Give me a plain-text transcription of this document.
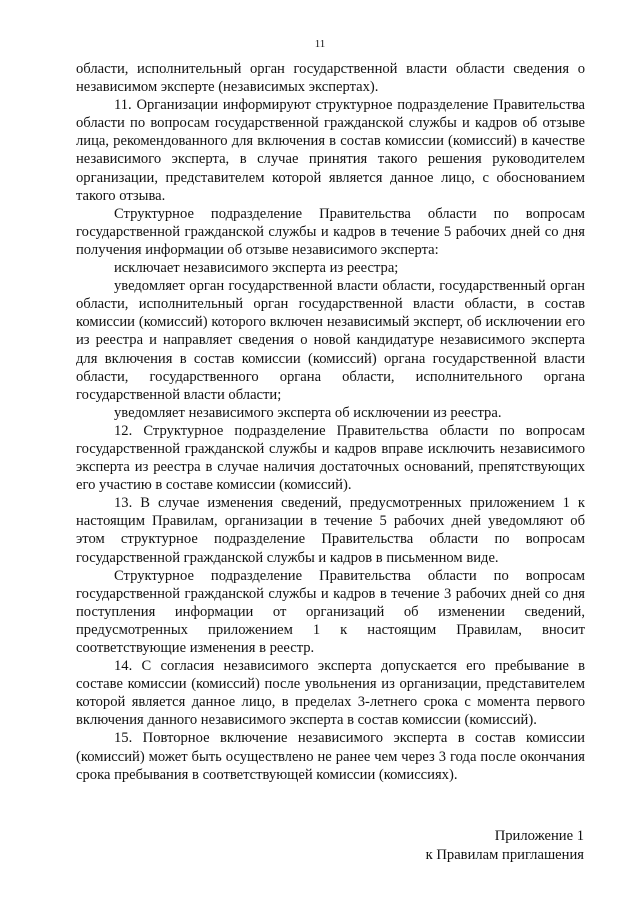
11

области, исполнительный орган государственной власти области сведения о независимом эксперте (независимых экспертах).

11. Организации информируют структурное подразделение Правительства области по вопросам государственной гражданской службы и кадров об отзыве лица, рекомендованного для включения в состав комиссии (комиссий) в качестве независимого эксперта, в случае принятия такого решения руководителем организации, представителем которой является данное лицо, с обоснованием такого отзыва.

Структурное подразделение Правительства области по вопросам государственной гражданской службы и кадров в течение 5 рабочих дней со дня получения информации об отзыве независимого эксперта:

исключает независимого эксперта из реестра;

уведомляет орган государственной власти области, государственный орган области, исполнительный орган государственной власти области, в состав комиссии (комиссий) которого включен независимый эксперт, об исключении его из реестра и направляет сведения о новой кандидатуре независимого эксперта для включения в состав комиссии (комиссий) органа государственной власти области, государственного органа области, исполнительного органа государственной власти области;

уведомляет независимого эксперта об исключении из реестра.

12. Структурное подразделение Правительства области по вопросам государственной гражданской службы и кадров вправе исключить независимого эксперта из реестра в случае наличия достаточных оснований, препятствующих его участию в составе комиссии (комиссий).

13. В случае изменения сведений, предусмотренных приложением 1 к настоящим Правилам, организации в течение 5 рабочих дней уведомляют об этом структурное подразделение Правительства области по вопросам государственной гражданской службы и кадров в письменном виде.

Структурное подразделение Правительства области по вопросам государственной гражданской службы и кадров в течение 3 рабочих дней со дня поступления информации от организаций об изменении сведений, предусмотренных приложением 1 к настоящим Правилам, вносит соответствующие изменения в реестр.

14. С согласия независимого эксперта допускается его пребывание в составе комиссии (комиссий) после увольнения из организации, представителем которой является данное лицо, в пределах 3-летнего срока с момента первого включения данного независимого эксперта в состав комиссии (комиссий).

15. Повторное включение независимого эксперта в состав комиссии (комиссий) может быть осуществлено не ранее чем через 3 года после окончания срока пребывания в соответствующей комиссии (комиссиях).

Приложение 1
к Правилам приглашения
